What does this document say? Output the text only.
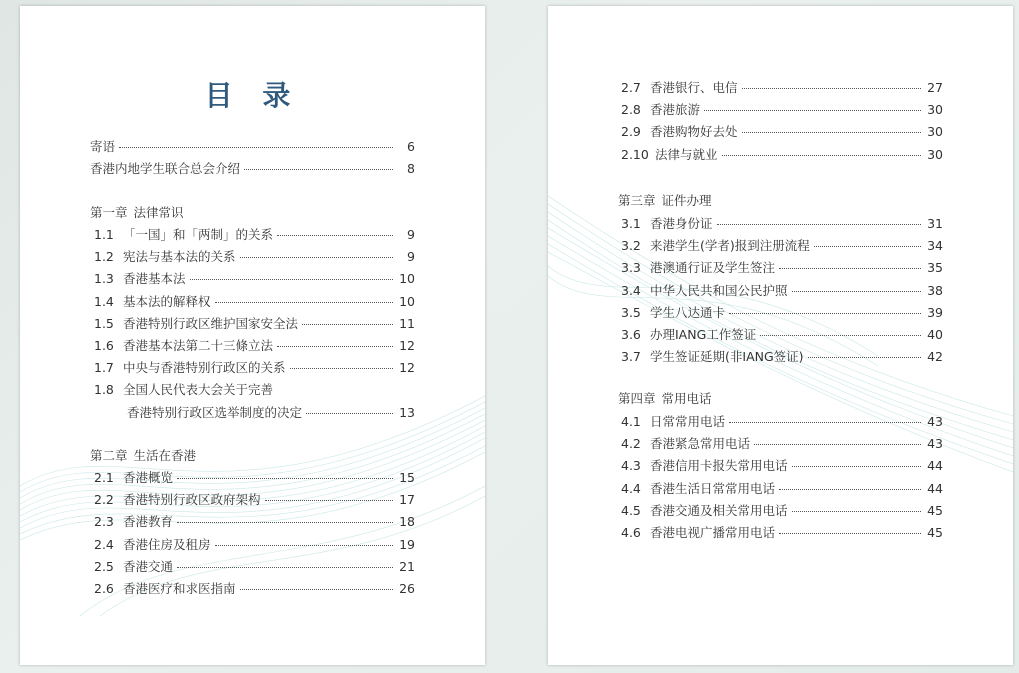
目 录
寄语	6
香港内地学生联合总会介绍	8
第一章 法律常识
1.1 「一国」和「两制」的关系	9
1.2 宪法与基本法的关系	9
1.3 香港基本法	10
1.4 基本法的解释权	10
1.5 香港特别行政区维护国家安全法	11
1.6 香港基本法第二十三條立法	12
1.7 中央与香港特别行政区的关系	12
1.8 全国人民代表大会关于完善
香港特别行政区选举制度的决定	13
第二章 生活在香港
2.1 香港概览	15
2.2 香港特别行政区政府架构	17
2.3 香港教育	18
2.4 香港住房及租房	19
2.5 香港交通	21
2.6 香港医疗和求医指南	26
2.7 香港银行、电信	27
2.8 香港旅游	30
2.9 香港购物好去处	30
2.10 法律与就业	30
第三章 证件办理
3.1 香港身份证	31
3.2 来港学生(学者)报到注册流程	34
3.3 港澳通行证及学生签注	35
3.4 中华人民共和国公民护照	38
3.5 学生八达通卡	39
3.6 办理IANG工作签证	40
3.7 学生签证延期(非IANG签证)	42
第四章 常用电话
4.1 日常常用电话	43
4.2 香港紧急常用电话	43
4.3 香港信用卡报失常用电话	44
4.4 香港生活日常常用电话	44
4.5 香港交通及相关常用电话	45
4.6 香港电视广播常用电话	45
